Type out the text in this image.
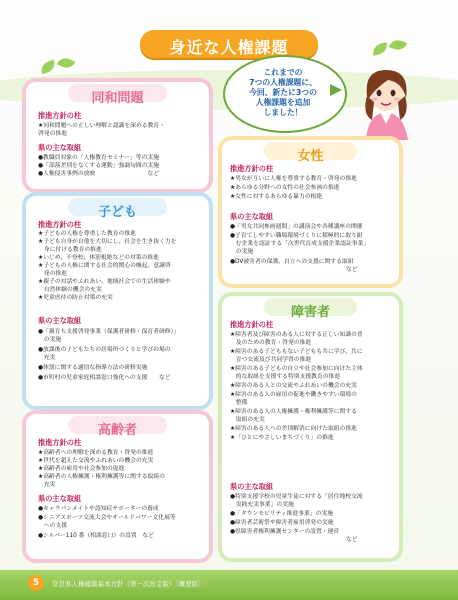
身近な人権課題
同和問題
推進方針の柱
★同和問題への正しい理解と認識を深める教育・
啓発の推進
県の主な取組
●教職員対象の「人権教育セミナー」等の実施
●「部落差別をなくする運動」強調旬間の実施
●人権侵害事例の放映　　　　　　　　　など
子ども
推進方針の柱
★子どもの人権を尊重した教育の推進
★子ども自身が自他を大切にし、社会を生き抜く力を
　身に付ける教育の推進
★いじめ、不登校、体罰根絶などの対策の推進
★子どもの人権に関する社会的関心の喚起、意識啓
　発の推進
★親子の対話やふれあい、地域社会での生活体験や
　自然体験の機会の充実
★児童虐待の防止対策の充実
県の主な取組
●「親育ち支援啓発事業（保護者研修・保育者研修）」
　の実施
●放課後の子どもたちの居場所づくりと学びの場の
　充実
●体罰に関する適切な指導方法の研修実施
●市町村の児童家庭相談窓口強化への支援　　など
高齢者
推進方針の柱
★高齢者への理解を深める教育・啓発の推進
★世代を超えた交流やふれあいの機会の充実
★高齢者の雇用や社会参加の促進
★高齢者の人権擁護・権利擁護等に関する取組の
　充実
県の主な取組
●キャラバンメイトや認知症サポーターの養成
●シニアスポーツ交流大会やオールドパワー文化展等
　への支援
●シルバー110 番（相談窓口）の設置　など
これまでの
7つの人権課題に、
今回、新たに3つの
人権課題を追加
しました！
女性
推進方針の柱
★男女が互いに人権を尊重する教育・啓発の推進
★あらゆる分野への女性の社会参画の推進
★女性に対するあらゆる暴力の根絶
県の主な取組
●「男女共同参画週間」の講演会や各種講座の開催
●子育てしやすい職場環境づくりに積極的に取り組
　む企業を認証する「次世代育成支援企業認証事業」
　の実施
●DV被害者の保護、自立への支援に関する取組
　　　　　　　　　　　　　　　　　　　　など
障害者
推進方針の柱
★障害者及び障害のある人に対する正しい知識の普
　及のための教育・啓発の推進
★障害のある子どももない子どもも共に学び、共に
　育つ交流及び共同学習の推進
★障害のある子どもの自立や社会参加に向けた主体
　的な取組を支援する特別支援教育の推進
★障害のある人との交流やふれあいの機会の充実
★障害のある人の雇用の促進や働きやすい環境の
　整備
★障害のある人の人権擁護・権利擁護等に関する
　取組の充実
★障害のある人への差別解消に向けた取組の推進
★「ひとにやさしいまちづくり」の推進
県の主な取組
●特別支援学校の児童生徒に対する「居住地校交流
　実践充実事業」の実施
●「タウンモビリティ推進事業」の実施
●障害者芸術祭や障害者雇用啓発の実施
●県障害者権利擁護センターの設置・運営
　　　　　　　　　　　　　　　　　　　　など
5	奈良県人権施策基本方針（第一次改定版）〔概要版〕
